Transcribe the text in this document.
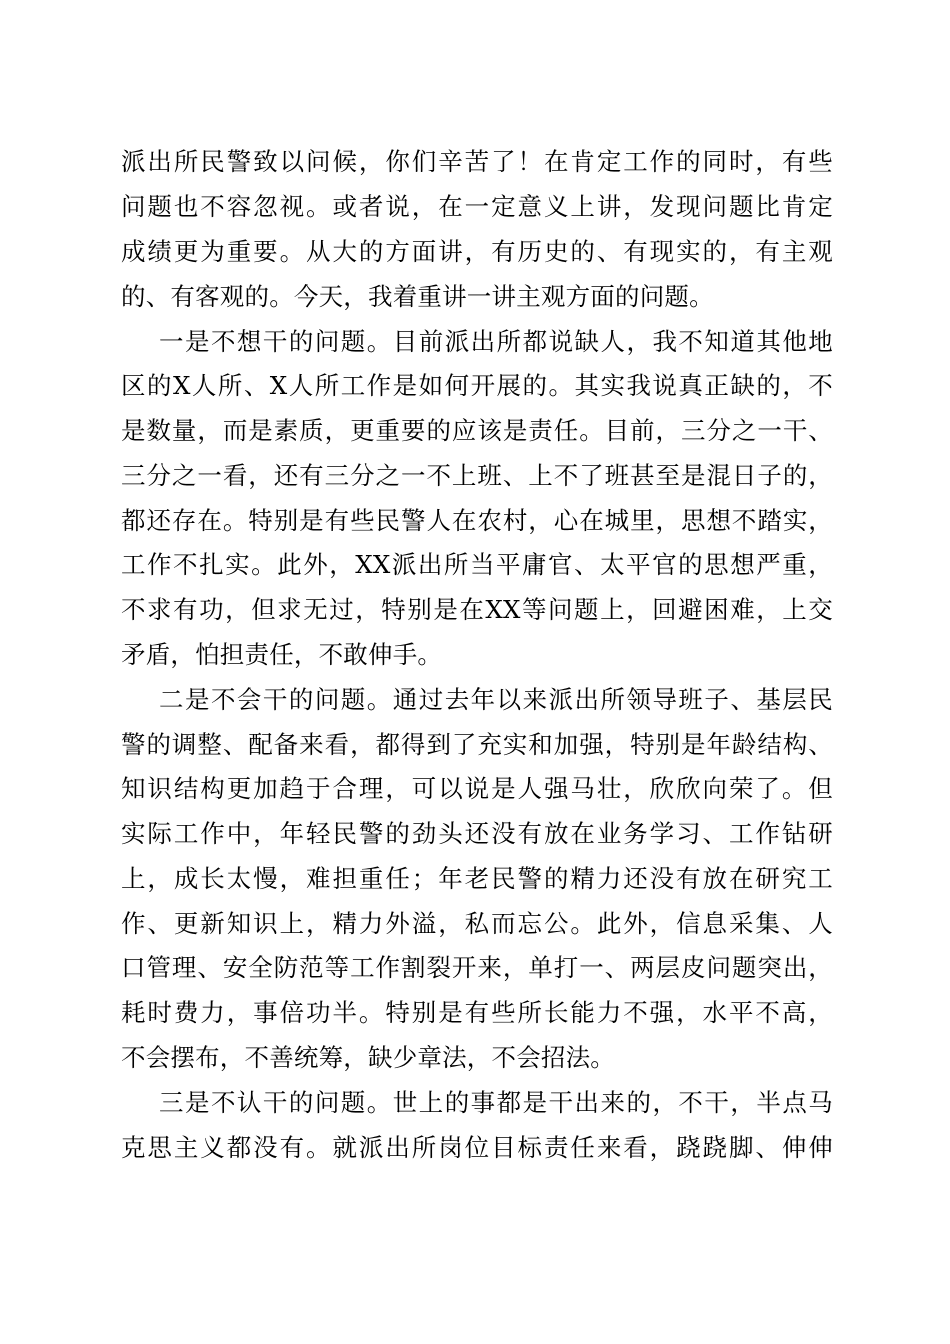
派出所民警致以问候，你们辛苦了！在肯定工作的同时，有些
问题也不容忽视。或者说，在一定意义上讲，发现问题比肯定
成绩更为重要。从大的方面讲，有历史的、有现实的，有主观
的、有客观的。今天，我着重讲一讲主观方面的问题。
一是不想干的问题。目前派出所都说缺人，我不知道其他地
区的X人所、X人所工作是如何开展的。其实我说真正缺的，不
是数量，而是素质，更重要的应该是责任。目前，三分之一干、
三分之一看，还有三分之一不上班、上不了班甚至是混日子的，
都还存在。特别是有些民警人在农村，心在城里，思想不踏实，
工作不扎实。此外，XX派出所当平庸官、太平官的思想严重，
不求有功，但求无过，特别是在XX等问题上，回避困难，上交
矛盾，怕担责任，不敢伸手。
二是不会干的问题。通过去年以来派出所领导班子、基层民
警的调整、配备来看，都得到了充实和加强，特别是年龄结构、
知识结构更加趋于合理，可以说是人强马壮，欣欣向荣了。但
实际工作中，年轻民警的劲头还没有放在业务学习、工作钻研
上，成长太慢，难担重任；年老民警的精力还没有放在研究工
作、更新知识上，精力外溢，私而忘公。此外，信息采集、人
口管理、安全防范等工作割裂开来，单打一、两层皮问题突出，
耗时费力，事倍功半。特别是有些所长能力不强，水平不高，
不会摆布，不善统筹，缺少章法，不会招法。
三是不认干的问题。世上的事都是干出来的，不干，半点马
克思主义都没有。就派出所岗位目标责任来看，跷跷脚、伸伸
